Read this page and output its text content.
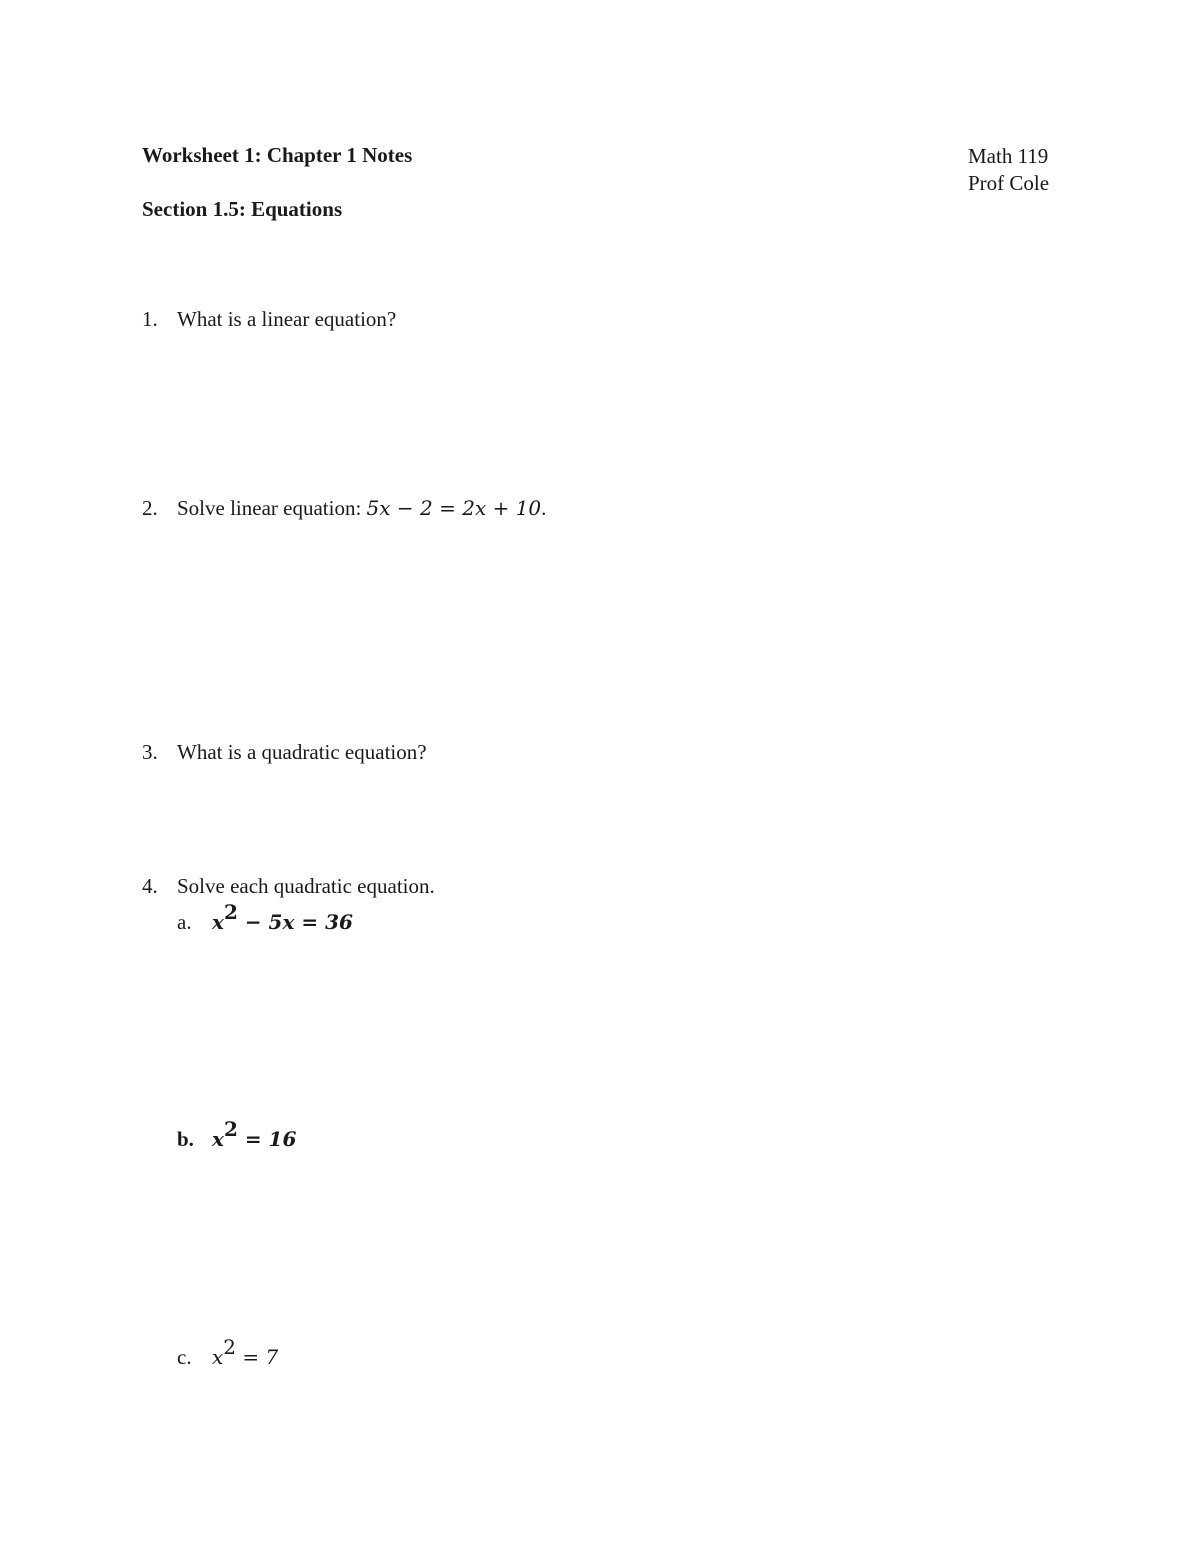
Worksheet 1: Chapter 1 Notes	Math 119
Prof Cole
Section 1.5: Equations
1. What is a linear equation?
2. Solve linear equation: 5x − 2 = 2x + 10.
3. What is a quadratic equation?
4. Solve each quadratic equation.
a. $x^2 - 5x = 36$
b. $x^2 = 16$
c. $x^2 = 7$
